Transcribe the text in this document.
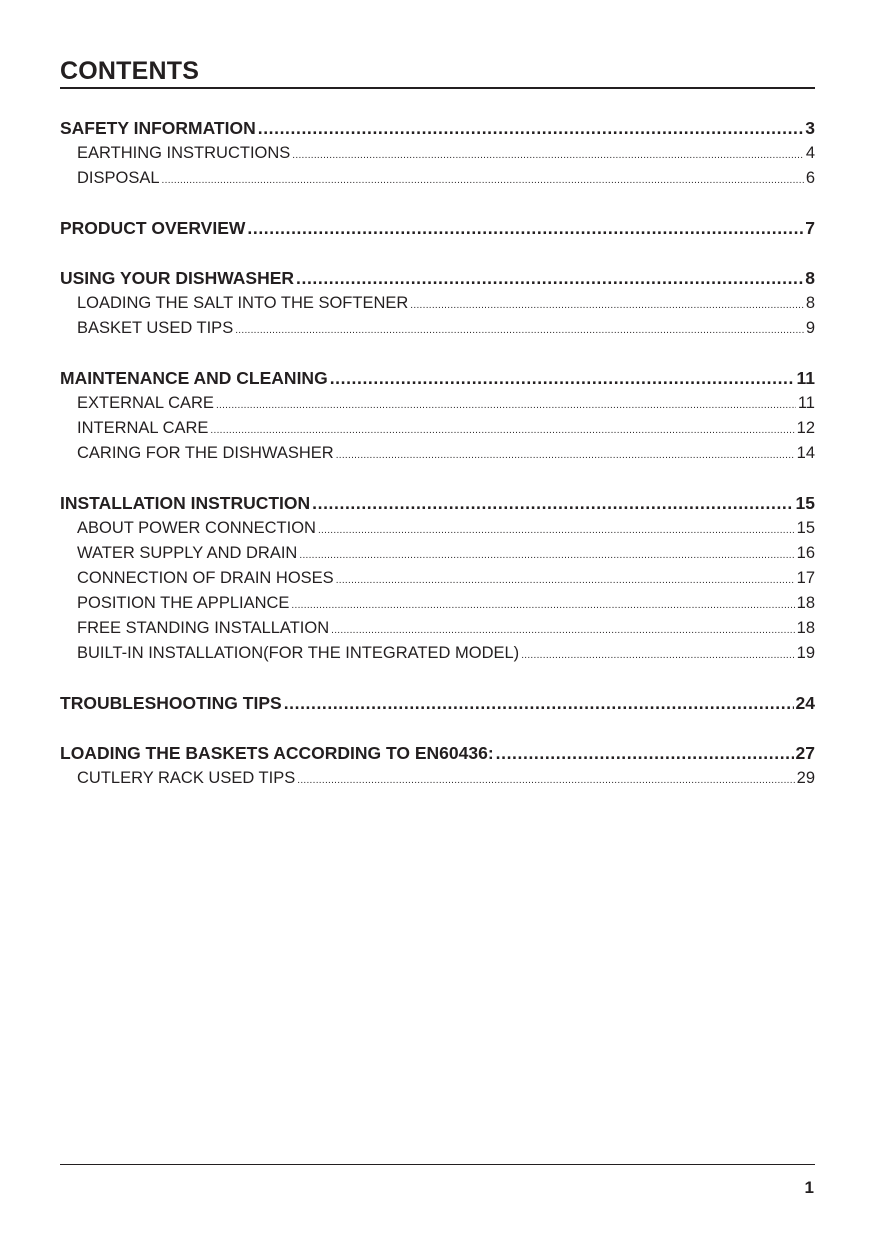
CONTENTS
SAFETY INFORMATION .....	3
EARTHING INSTRUCTIONS .....	4
DISPOSAL .....	6
PRODUCT OVERVIEW .....	7
USING YOUR DISHWASHER .....	8
LOADING THE SALT INTO THE SOFTENER .....	8
BASKET USED TIPS .....	9
MAINTENANCE AND CLEANING .....	11
EXTERNAL CARE .....	11
INTERNAL CARE .....	12
CARING FOR THE DISHWASHER .....	14
INSTALLATION INSTRUCTION .....	15
ABOUT POWER CONNECTION .....	15
WATER SUPPLY AND DRAIN .....	16
CONNECTION OF DRAIN HOSES .....	17
POSITION THE APPLIANCE .....	18
FREE STANDING INSTALLATION .....	18
BUILT-IN INSTALLATION(FOR THE INTEGRATED MODEL) .....	19
TROUBLESHOOTING TIPS .....	24
LOADING THE BASKETS ACCORDING TO EN60436: .....	27
CUTLERY RACK USED TIPS .....	29
1
